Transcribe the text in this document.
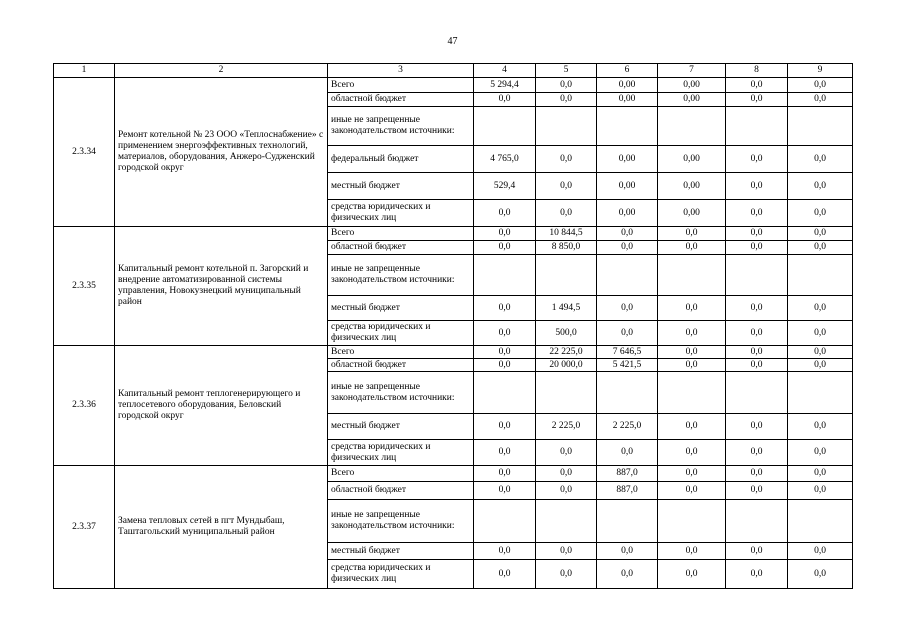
47
1	2	3	4	5	6	7	8	9
2.3.34	Ремонт котельной № 23 ООО «Теплоснабжение» с применением энергоэффективных технологий, материалов, оборудования, Анжеро-Судженский городской округ	Всего	5 294,4	0,0	0,00	0,00	0,0	0,0
		областной бюджет	0,0	0,0	0,00	0,00	0,0	0,0
		иные не запрещенные законодательством источники:						
		федеральный бюджет	4 765,0	0,0	0,00	0,00	0,0	0,0
		местный бюджет	529,4	0,0	0,00	0,00	0,0	0,0
		средства юридических и физических лиц	0,0	0,0	0,00	0,00	0,0	0,0
2.3.35	Капитальный ремонт котельной п. Загорский и внедрение автоматизированной системы управления, Новокузнецкий муниципальный район	Всего	0,0	10 844,5	0,0	0,0	0,0	0,0
		областной бюджет	0,0	8 850,0	0,0	0,0	0,0	0,0
		иные не запрещенные законодательством источники:						
		местный бюджет	0,0	1 494,5	0,0	0,0	0,0	0,0
		средства юридических и физических лиц	0,0	500,0	0,0	0,0	0,0	0,0
2.3.36	Капитальный ремонт теплогенерирующего и теплосетевого оборудования, Беловский городской округ	Всего	0,0	22 225,0	7 646,5	0,0	0,0	0,0
		областной бюджет	0,0	20 000,0	5 421,5	0,0	0,0	0,0
		иные не запрещенные законодательством источники:						
		местный бюджет	0,0	2 225,0	2 225,0	0,0	0,0	0,0
		средства юридических и физических лиц	0,0	0,0	0,0	0,0	0,0	0,0
2.3.37	Замена тепловых сетей в пгт Мундыбаш, Таштагольский муниципальный район	Всего	0,0	0,0	887,0	0,0	0,0	0,0
		областной бюджет	0,0	0,0	887,0	0,0	0,0	0,0
		иные не запрещенные законодательством источники:						
		местный бюджет	0,0	0,0	0,0	0,0	0,0	0,0
		средства юридических и физических лиц	0,0	0,0	0,0	0,0	0,0	0,0
